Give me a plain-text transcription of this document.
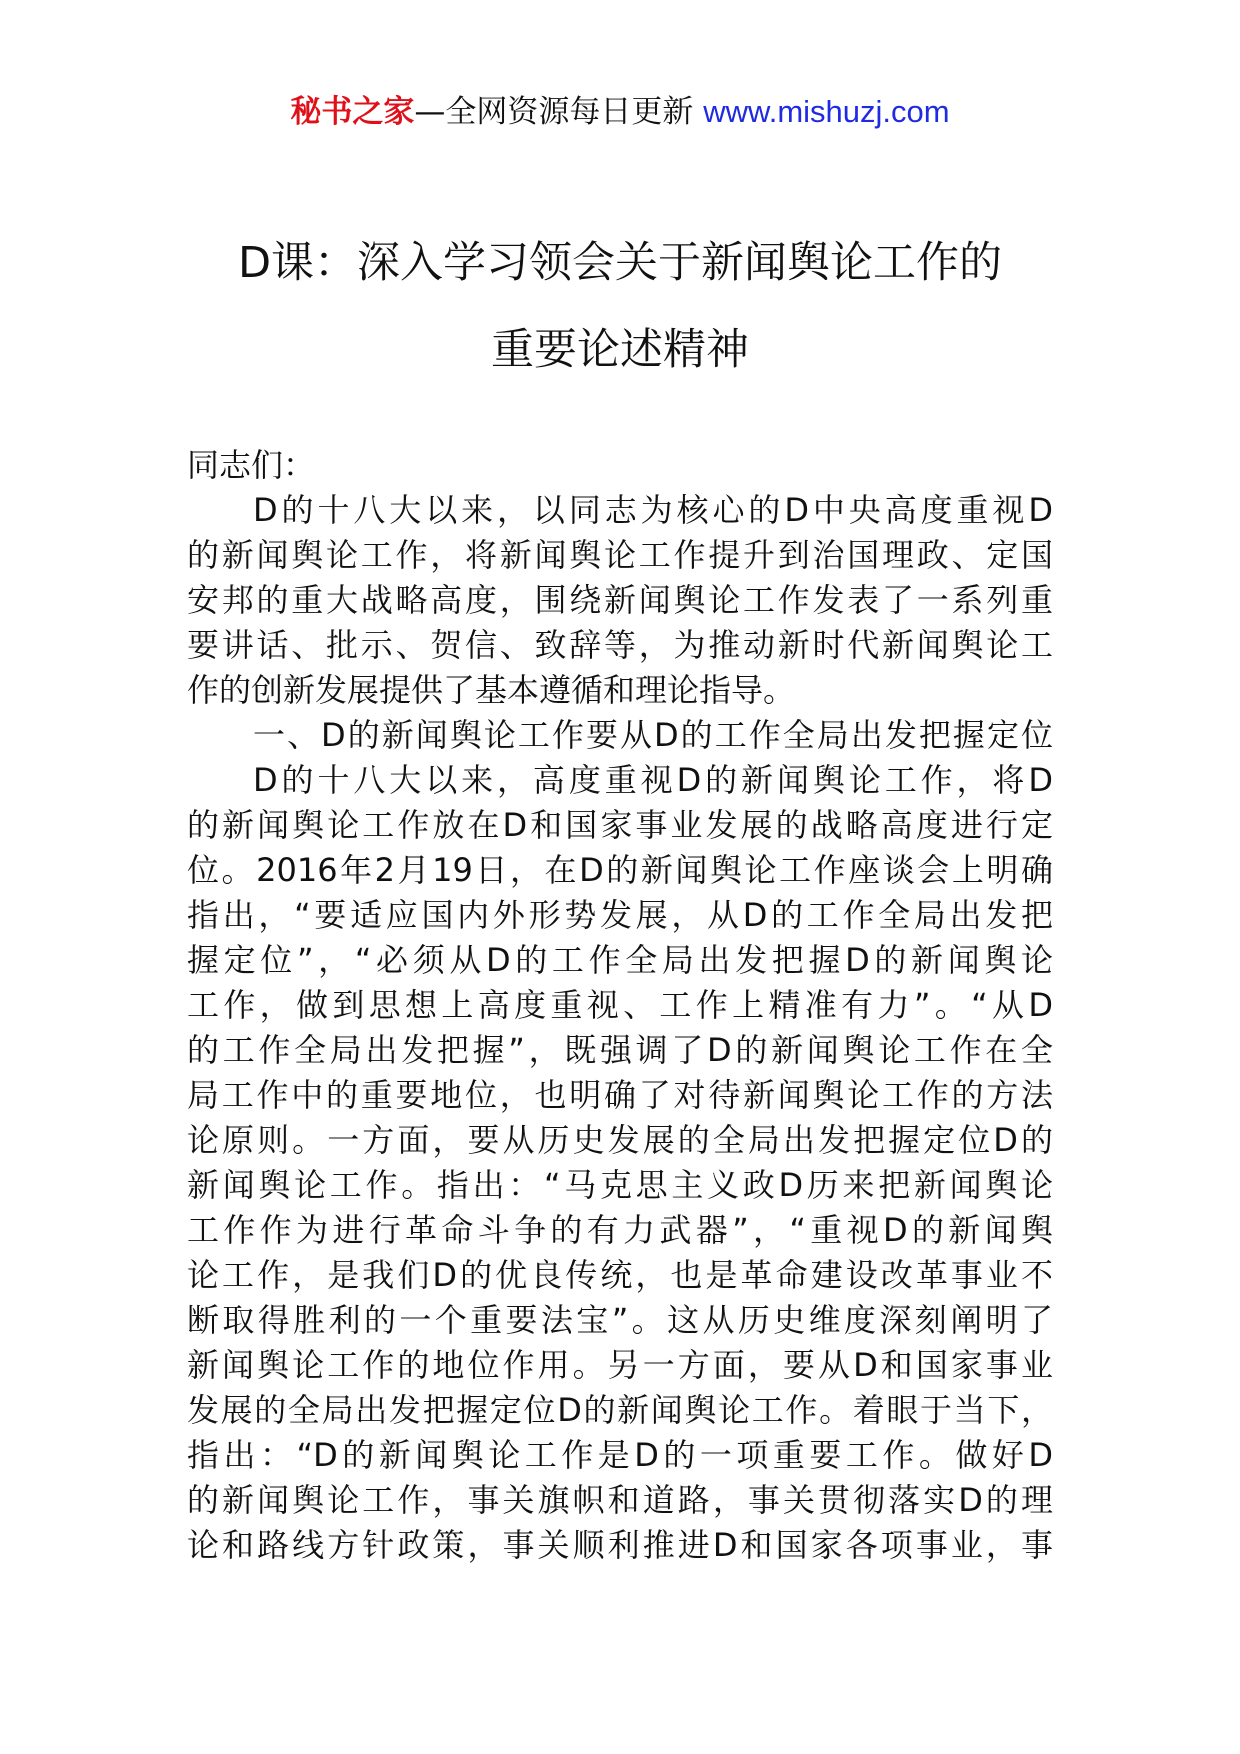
秘书之家—全网资源每日更新 www.mishuzj.com
D课：深入学习领会关于新闻舆论工作的
重要论述精神
同志们：
D的十八大以来，以同志为核心的D中央高度重视D
的新闻舆论工作，将新闻舆论工作提升到治国理政、定国
安邦的重大战略高度，围绕新闻舆论工作发表了一系列重
要讲话、批示、贺信、致辞等，为推动新时代新闻舆论工
作的创新发展提供了基本遵循和理论指导。
一、D的新闻舆论工作要从D的工作全局出发把握定位
D的十八大以来，高度重视D的新闻舆论工作，将D
的新闻舆论工作放在D和国家事业发展的战略高度进行定
位。2016年2月19日，在D的新闻舆论工作座谈会上明确
指出，“要适应国内外形势发展，从D的工作全局出发把
握定位”，“必须从D的工作全局出发把握D的新闻舆论
工作，做到思想上高度重视、工作上精准有力”。“从D
的工作全局出发把握”，既强调了D的新闻舆论工作在全
局工作中的重要地位，也明确了对待新闻舆论工作的方法
论原则。一方面，要从历史发展的全局出发把握定位D的
新闻舆论工作。指出：“马克思主义政D历来把新闻舆论
工作作为进行革命斗争的有力武器”，“重视D的新闻舆
论工作，是我们D的优良传统，也是革命建设改革事业不
断取得胜利的一个重要法宝”。这从历史维度深刻阐明了
新闻舆论工作的地位作用。另一方面，要从D和国家事业
发展的全局出发把握定位D的新闻舆论工作。着眼于当下，
指出：“D的新闻舆论工作是D的一项重要工作。做好D
的新闻舆论工作，事关旗帜和道路，事关贯彻落实D的理
论和路线方针政策，事关顺利推进D和国家各项事业，事
